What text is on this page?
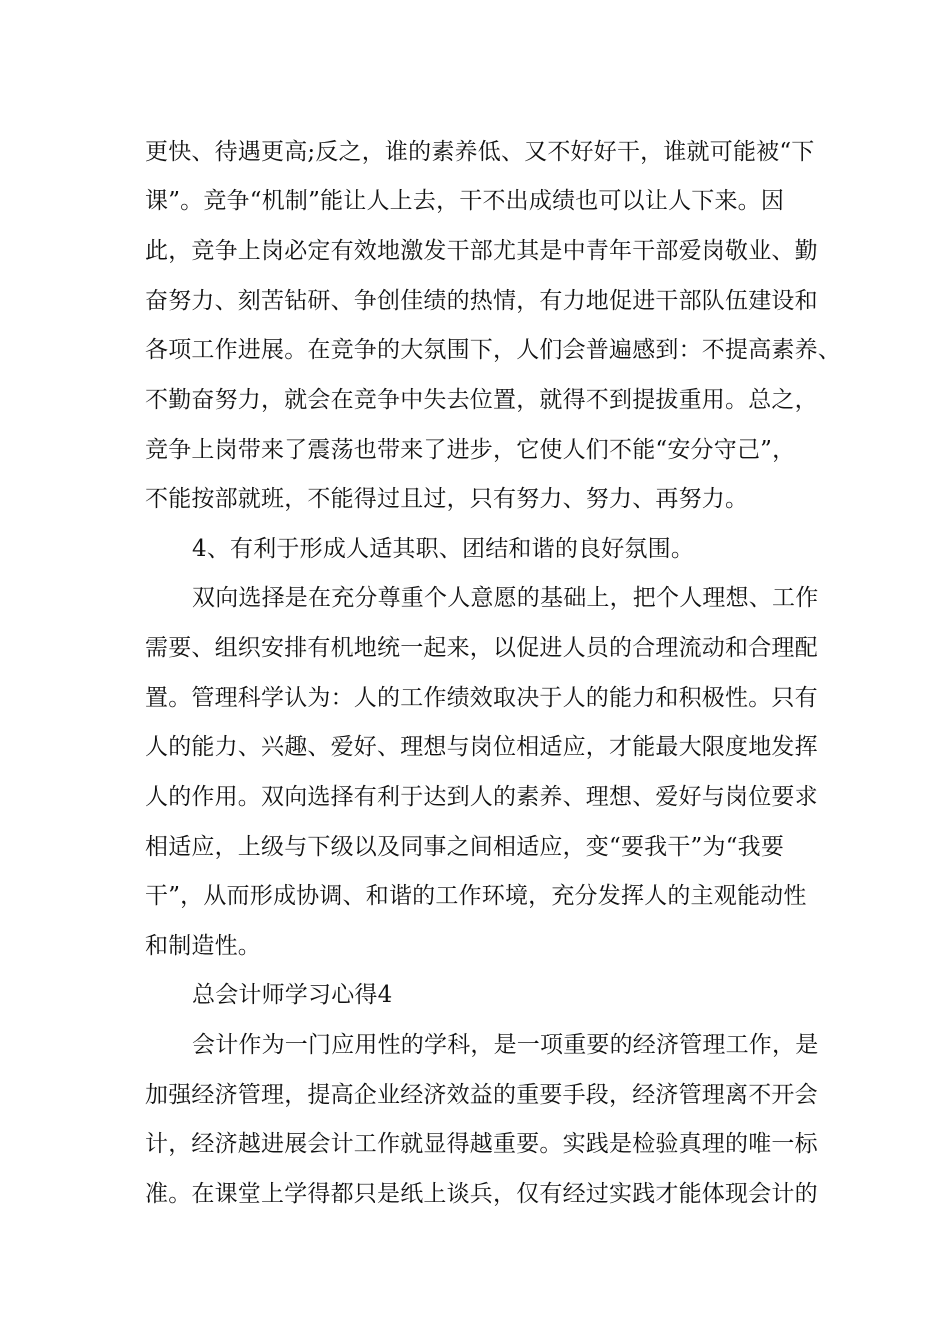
更快、待遇更高;反之，谁的素养低、又不好好干，谁就可能被“下
课”。竞争“机制”能让人上去，干不出成绩也可以让人下来。因
此，竞争上岗必定有效地激发干部尤其是中青年干部爱岗敬业、勤
奋努力、刻苦钻研、争创佳绩的热情，有力地促进干部队伍建设和
各项工作进展。在竞争的大氛围下，人们会普遍感到：不提高素养、
不勤奋努力，就会在竞争中失去位置，就得不到提拔重用。总之，
竞争上岗带来了震荡也带来了进步，它使人们不能“安分守己”，
不能按部就班，不能得过且过，只有努力、努力、再努力。
4、有利于形成人适其职、团结和谐的良好氛围。
双向选择是在充分尊重个人意愿的基础上，把个人理想、工作
需要、组织安排有机地统一起来，以促进人员的合理流动和合理配
置。管理科学认为：人的工作绩效取决于人的能力和积极性。只有
人的能力、兴趣、爱好、理想与岗位相适应，才能最大限度地发挥
人的作用。双向选择有利于达到人的素养、理想、爱好与岗位要求
相适应，上级与下级以及同事之间相适应，变“要我干”为“我要
干”，从而形成协调、和谐的工作环境，充分发挥人的主观能动性
和制造性。
总会计师学习心得4
会计作为一门应用性的学科，是一项重要的经济管理工作，是
加强经济管理，提高企业经济效益的重要手段，经济管理离不开会
计，经济越进展会计工作就显得越重要。实践是检验真理的唯一标
准。在课堂上学得都只是纸上谈兵，仅有经过实践才能体现会计的
